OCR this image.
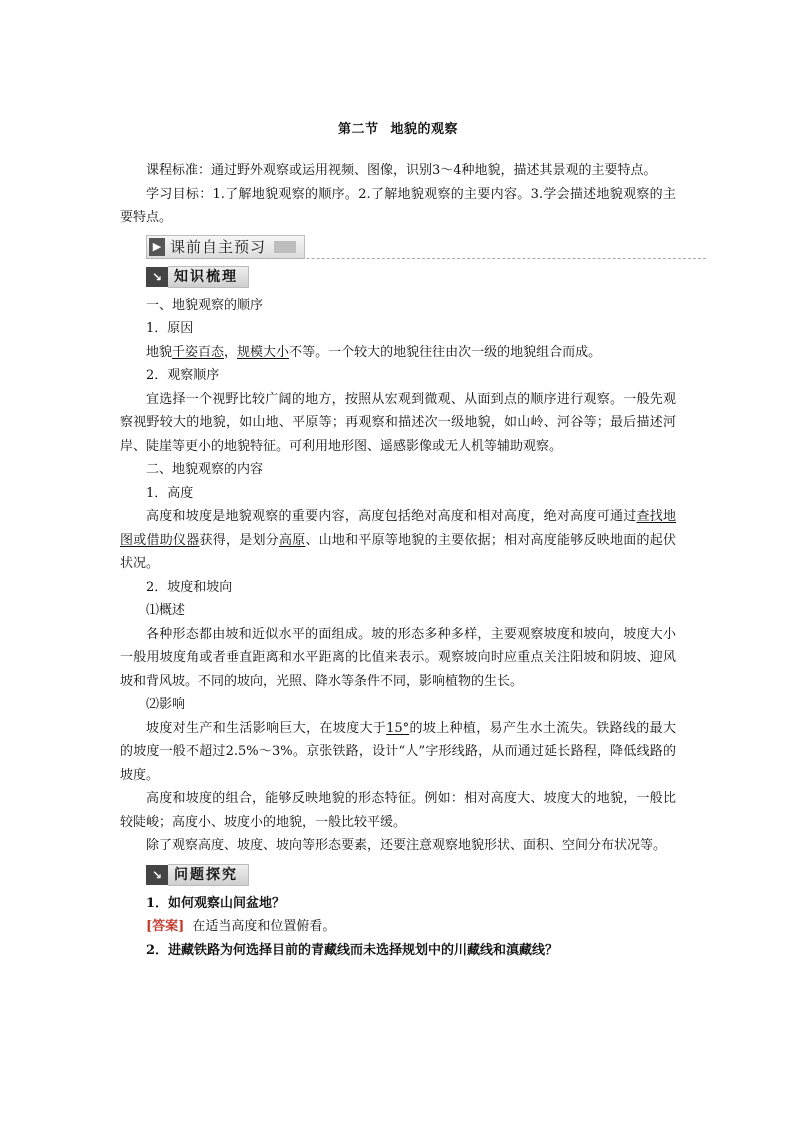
第二节 地貌的观察

课程标准：通过野外观察或运用视频、图像，识别3～4种地貌，描述其景观的主要特点。

学习目标：1.了解地貌观察的顺序。2.了解地貌观察的主要内容。3.学会描述地貌观察的主要特点。

▶ 课前自主预习
↘ 知识梳理

一、地貌观察的顺序

1．原因

地貌千姿百态，规模大小不等。一个较大的地貌往往由次一级的地貌组合而成。

2．观察顺序

宜选择一个视野比较广阔的地方，按照从宏观到微观、从面到点的顺序进行观察。一般先观察视野较大的地貌，如山地、平原等；再观察和描述次一级地貌，如山岭、河谷等；最后描述河岸、陡崖等更小的地貌特征。可利用地形图、遥感影像或无人机等辅助观察。

二、地貌观察的内容

1．高度

高度和坡度是地貌观察的重要内容，高度包括绝对高度和相对高度，绝对高度可通过查找地图或借助仪器获得，是划分高原、山地和平原等地貌的主要依据；相对高度能够反映地面的起伏状况。

2．坡度和坡向

⑴概述

各种形态都由坡和近似水平的面组成。坡的形态多种多样，主要观察坡度和坡向，坡度大小一般用坡度角或者垂直距离和水平距离的比值来表示。观察坡向时应重点关注阳坡和阴坡、迎风坡和背风坡。不同的坡向，光照、降水等条件不同，影响植物的生长。

⑵影响

坡度对生产和生活影响巨大，在坡度大于15°的坡上种植，易产生水土流失。铁路线的最大的坡度一般不超过2.5%～3%。京张铁路，设计“人”字形线路，从而通过延长路程，降低线路的坡度。

高度和坡度的组合，能够反映地貌的形态特征。例如：相对高度大、坡度大的地貌，一般比较陡峻；高度小、坡度小的地貌，一般比较平缓。

除了观察高度、坡度、坡向等形态要素，还要注意观察地貌形状、面积、空间分布状况等。

↘ 问题探究

1．如何观察山间盆地？

[答案] 在适当高度和位置俯看。

2．进藏铁路为何选择目前的青藏线而未选择规划中的川藏线和滇藏线？
